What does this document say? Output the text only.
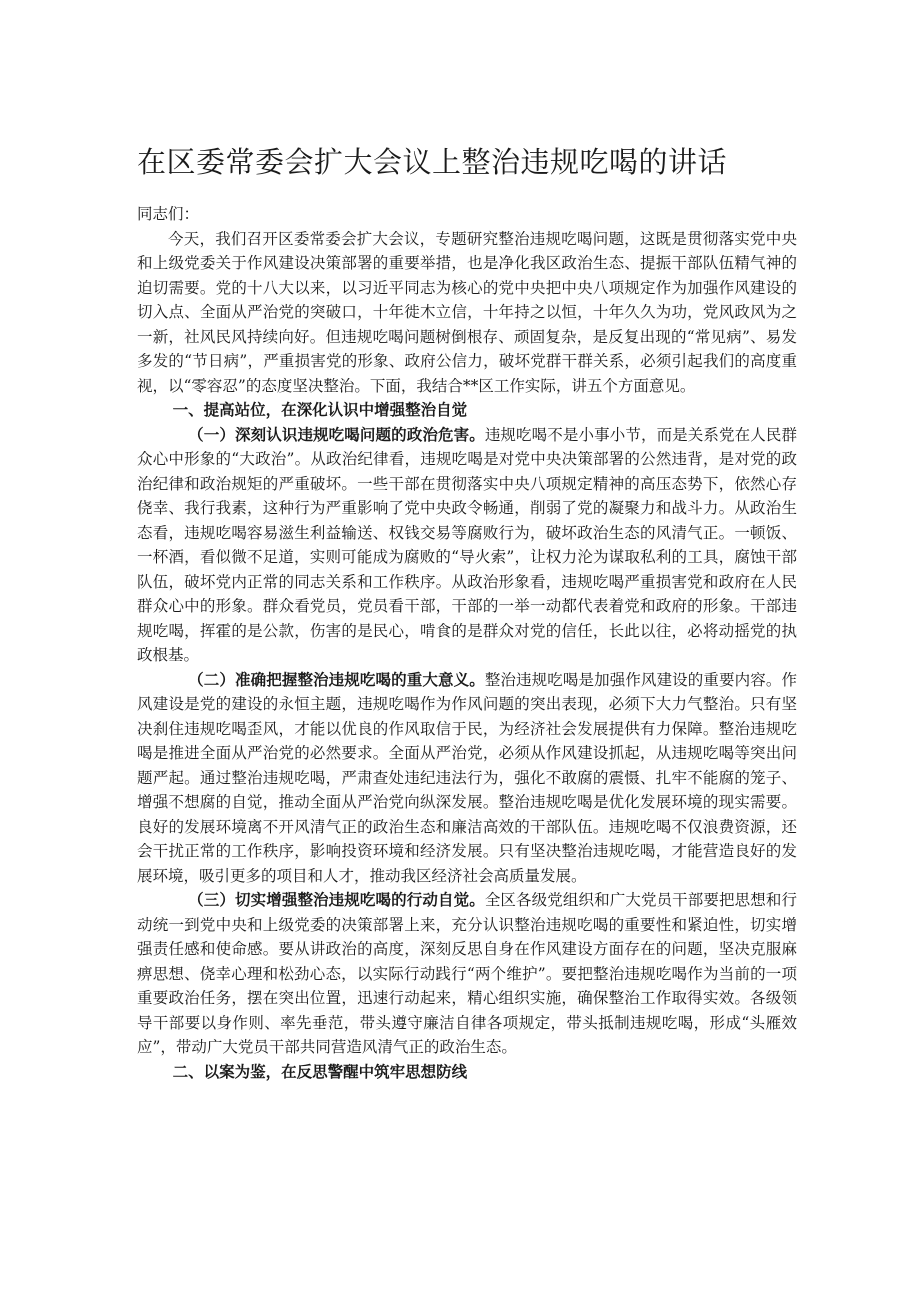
在区委常委会扩大会议上整治违规吃喝的讲话

同志们：

今天，我们召开区委常委会扩大会议，专题研究整治违规吃喝问题，这既是贯彻落实党中央和上级党委关于作风建设决策部署的重要举措，也是净化我区政治生态、提振干部队伍精气神的迫切需要。党的十八大以来，以习近平同志为核心的党中央把中央八项规定作为加强作风建设的切入点、全面从严治党的突破口，十年徙木立信，十年持之以恒，十年久久为功，党风政风为之一新，社风民风持续向好。但违规吃喝问题树倒根存、顽固复杂，是反复出现的“常见病”、易发多发的“节日病”，严重损害党的形象、政府公信力，破坏党群干群关系，必须引起我们的高度重视，以“零容忍”的态度坚决整治。下面，我结合**区工作实际，讲五个方面意见。

一、提高站位，在深化认识中增强整治自觉

（一）深刻认识违规吃喝问题的政治危害。违规吃喝不是小事小节，而是关系党在人民群众心中形象的“大政治”。从政治纪律看，违规吃喝是对党中央决策部署的公然违背，是对党的政治纪律和政治规矩的严重破坏。一些干部在贯彻落实中央八项规定精神的高压态势下，依然心存侥幸、我行我素，这种行为严重影响了党中央政令畅通，削弱了党的凝聚力和战斗力。从政治生态看，违规吃喝容易滋生利益输送、权钱交易等腐败行为，破坏政治生态的风清气正。一顿饭、一杯酒，看似微不足道，实则可能成为腐败的“导火索”，让权力沦为谋取私利的工具，腐蚀干部队伍，破坏党内正常的同志关系和工作秩序。从政治形象看，违规吃喝严重损害党和政府在人民群众心中的形象。群众看党员，党员看干部，干部的一举一动都代表着党和政府的形象。干部违规吃喝，挥霍的是公款，伤害的是民心，啃食的是群众对党的信任，长此以往，必将动摇党的执政根基。

（二）准确把握整治违规吃喝的重大意义。整治违规吃喝是加强作风建设的重要内容。作风建设是党的建设的永恒主题，违规吃喝作为作风问题的突出表现，必须下大力气整治。只有坚决刹住违规吃喝歪风，才能以优良的作风取信于民，为经济社会发展提供有力保障。整治违规吃喝是推进全面从严治党的必然要求。全面从严治党，必须从作风建设抓起，从违规吃喝等突出问题严起。通过整治违规吃喝，严肃查处违纪违法行为，强化不敢腐的震慑、扎牢不能腐的笼子、增强不想腐的自觉，推动全面从严治党向纵深发展。整治违规吃喝是优化发展环境的现实需要。良好的发展环境离不开风清气正的政治生态和廉洁高效的干部队伍。违规吃喝不仅浪费资源，还会干扰正常的工作秩序，影响投资环境和经济发展。只有坚决整治违规吃喝，才能营造良好的发展环境，吸引更多的项目和人才，推动我区经济社会高质量发展。

（三）切实增强整治违规吃喝的行动自觉。全区各级党组织和广大党员干部要把思想和行动统一到党中央和上级党委的决策部署上来，充分认识整治违规吃喝的重要性和紧迫性，切实增强责任感和使命感。要从讲政治的高度，深刻反思自身在作风建设方面存在的问题，坚决克服麻痹思想、侥幸心理和松劲心态，以实际行动践行“两个维护”。要把整治违规吃喝作为当前的一项重要政治任务，摆在突出位置，迅速行动起来，精心组织实施，确保整治工作取得实效。各级领导干部要以身作则、率先垂范，带头遵守廉洁自律各项规定，带头抵制违规吃喝，形成“头雁效应”，带动广大党员干部共同营造风清气正的政治生态。

二、以案为鉴，在反思警醒中筑牢思想防线
